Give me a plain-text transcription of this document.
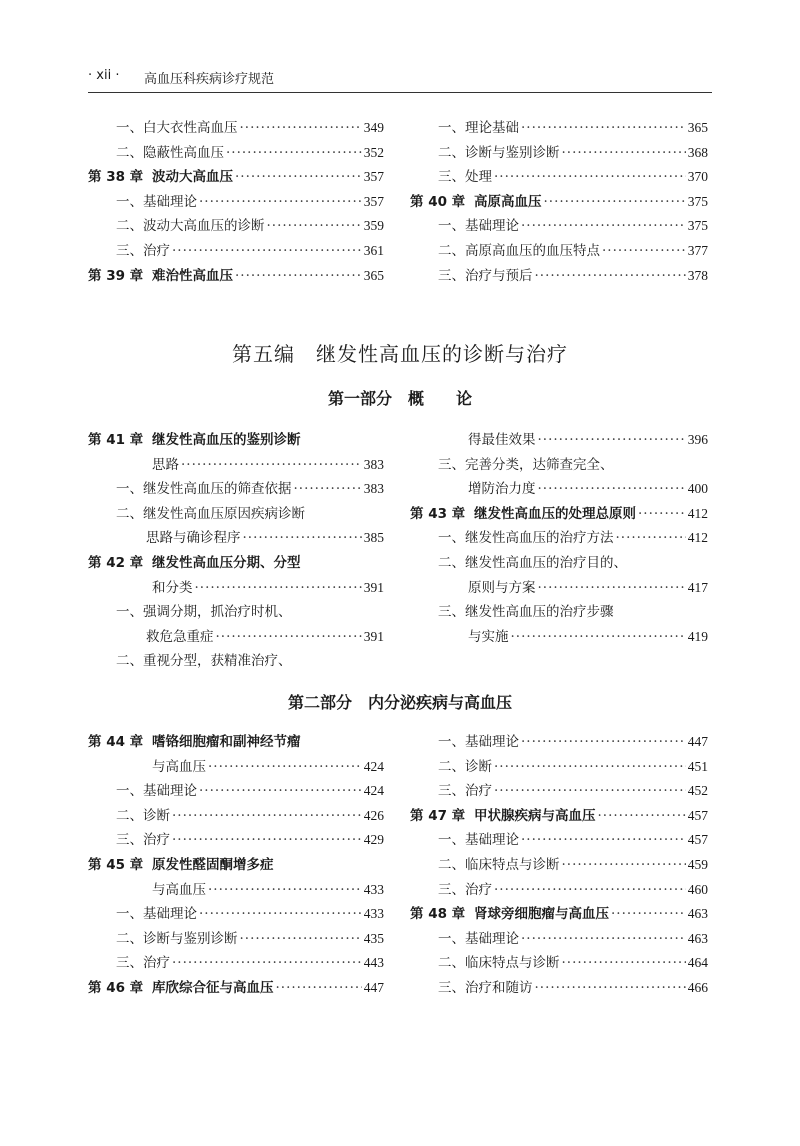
· xii · 高血压科疾病诊疗规范
一、白大衣性高血压 ·····	349
二、隐蔽性高血压 ·····	352
第 38 章 波动大高血压 ·····	357
一、基础理论 ·····	357
二、波动大高血压的诊断 ·····	359
三、治疗 ·····	361
第 39 章 难治性高血压 ·····	365
一、理论基础 ·····	365
二、诊断与鉴别诊断 ·····	368
三、处理 ·····	370
第 40 章 高原高血压 ·····	375
一、基础理论 ·····	375
二、高原高血压的血压特点 ·····	377
三、治疗与预后 ·····	378
第五编　继发性高血压的诊断与治疗
第一部分　概　　论
第 41 章 继发性高血压的鉴别诊断
思路 ·····	383
一、继发性高血压的筛查依据 ·····	383
二、继发性高血压原因疾病诊断
思路与确诊程序 ·····	385
第 42 章 继发性高血压分期、分型
和分类 ·····	391
一、强调分期，抓治疗时机、
救危急重症 ·····	391
二、重视分型，获精准治疗、
得最佳效果 ·····	396
三、完善分类，达筛查完全、
增防治力度 ·····	400
第 43 章 继发性高血压的处理总原则 ·····	412
一、继发性高血压的治疗方法 ·····	412
二、继发性高血压的治疗目的、
原则与方案 ·····	417
三、继发性高血压的治疗步骤
与实施 ·····	419
第二部分　内分泌疾病与高血压
第 44 章 嗜铬细胞瘤和副神经节瘤
与高血压 ·····	424
一、基础理论 ·····	424
二、诊断 ·····	426
三、治疗 ·····	429
第 45 章 原发性醛固酮增多症
与高血压 ·····	433
一、基础理论 ·····	433
二、诊断与鉴别诊断 ·····	435
三、治疗 ·····	443
第 46 章 库欣综合征与高血压 ·····	447
一、基础理论 ·····	447
二、诊断 ·····	451
三、治疗 ·····	452
第 47 章 甲状腺疾病与高血压 ·····	457
一、基础理论 ·····	457
二、临床特点与诊断 ·····	459
三、治疗 ·····	460
第 48 章 肾球旁细胞瘤与高血压 ·····	463
一、基础理论 ·····	463
二、临床特点与诊断 ·····	464
三、治疗和随访 ·····	466
